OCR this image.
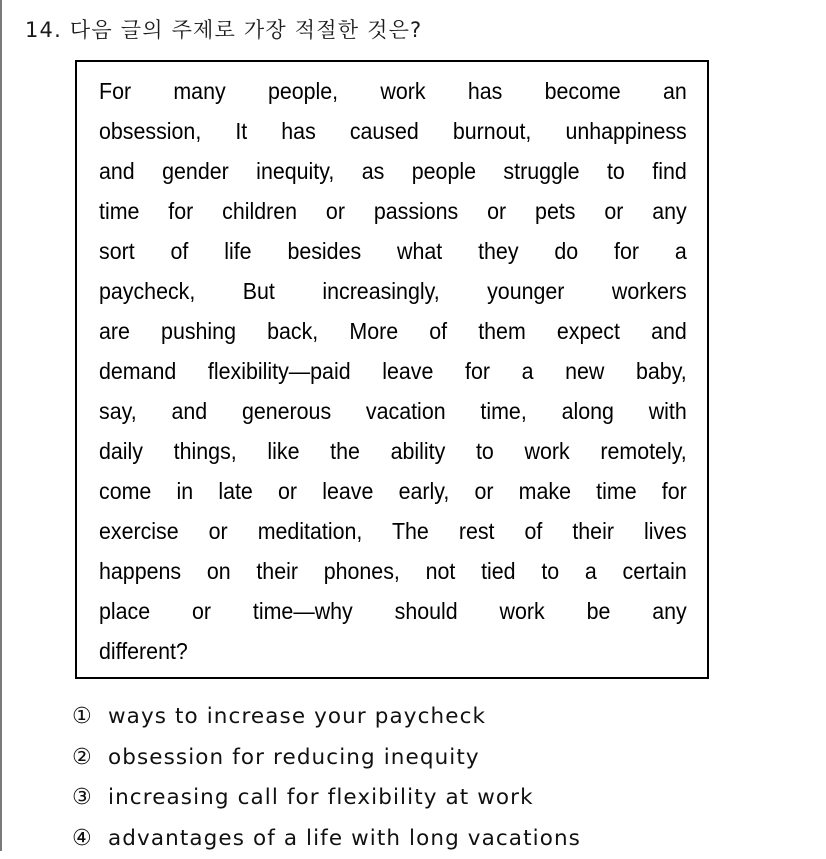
14. 다음 글의 주제로 가장 적절한 것은?
For many people, work has become an
obsession, It has caused burnout, unhappiness
and gender inequity, as people struggle to find
time for children or passions or pets or any
sort of life besides what they do for a
paycheck, But increasingly, younger workers
are pushing back, More of them expect and
demand flexibility—paid leave for a new baby,
say, and generous vacation time, along with
daily things, like the ability to work remotely,
come in late or leave early, or make time for
exercise or meditation, The rest of their lives
happens on their phones, not tied to a certain
place or time—why should work be any
different?
① ways to increase your paycheck
② obsession for reducing inequity
③ increasing call for flexibility at work
④ advantages of a life with long vacations
